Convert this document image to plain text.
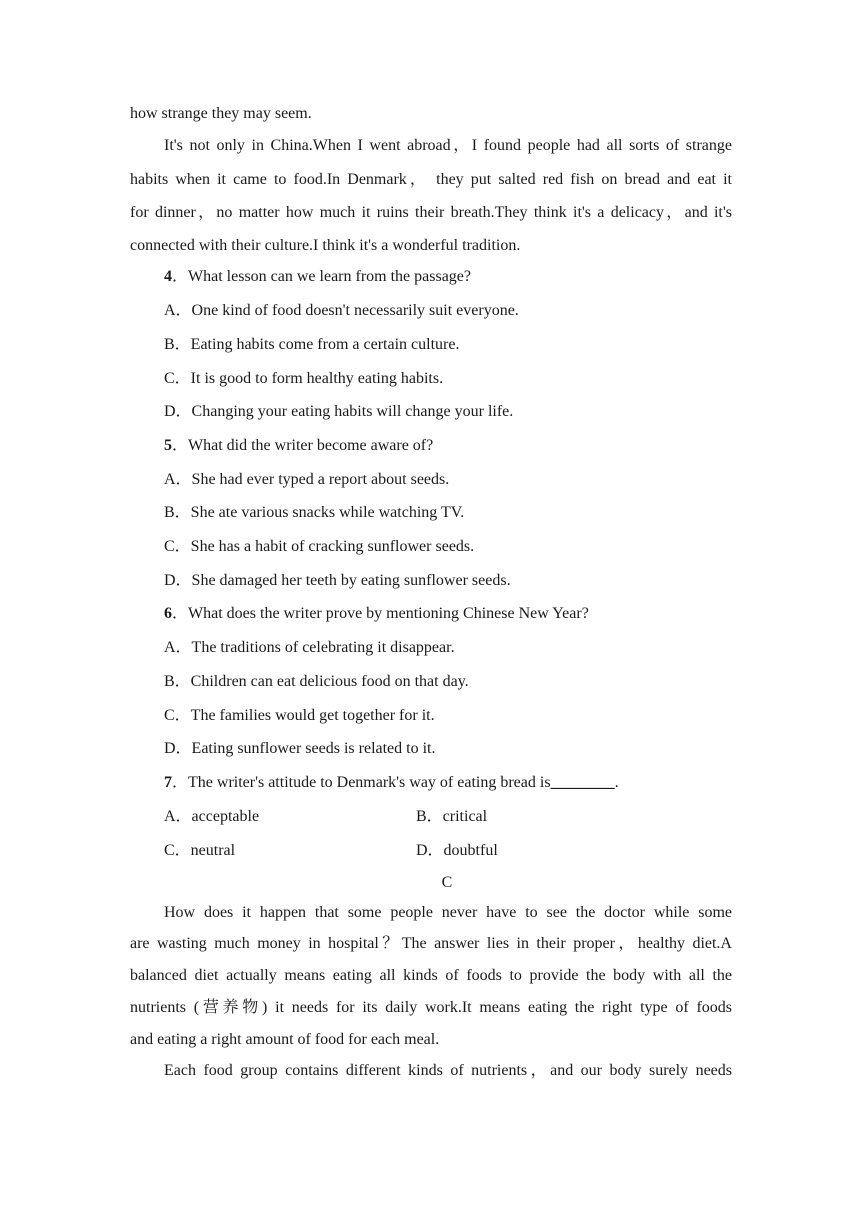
how strange they may seem.
It's not only in China.When I went abroad，I found people had all sorts of strange
habits when it came to food.In Denmark， they put salted red fish on bread and eat it
for dinner，no matter how much it ruins their breath.They think it's a delicacy，and it's
connected with their culture.I think it's a wonderful tradition.
4．What lesson can we learn from the passage?
A．One kind of food doesn't necessarily suit everyone.
B．Eating habits come from a certain culture.
C．It is good to form healthy eating habits.
D．Changing your eating habits will change your life.
5．What did the writer become aware of?
A．She had ever typed a report about seeds.
B．She ate various snacks while watching TV.
C．She has a habit of cracking sunflower seeds.
D．She damaged her teeth by eating sunflower seeds.
6．What does the writer prove by mentioning Chinese New Year?
A．The traditions of celebrating it disappear.
B．Children can eat delicious food on that day.
C．The families would get together for it.
D．Eating sunflower seeds is related to it.
7．The writer's attitude to Denmark's way of eating bread is________.
A．acceptable	B．critical
C．neutral	D．doubtful
C
How does it happen that some people never have to see the doctor while some
are wasting much money in hospital？The answer lies in their proper，healthy diet.A
balanced diet actually means eating all kinds of foods to provide the body with all the
nutrients (营养物) it needs for its daily work.It means eating the right type of foods
and eating a right amount of food for each meal.
Each food group contains different kinds of nutrients，and our body surely needs
